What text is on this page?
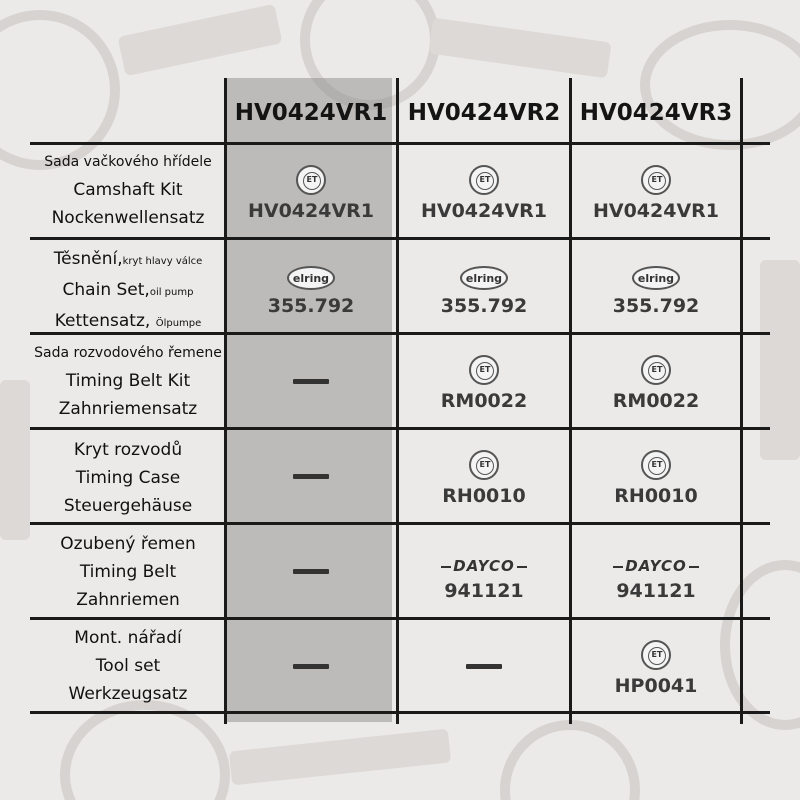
HV0424VR1 HV0424VR2 HV0424VR3
Sada vačkového hřídele
Camshaft Kit
Nockenwellensatz
Těsnění,kryt hlavy válce
Chain Set,oil pump
Kettensatz, Ölpumpe
Sada rozvodového řemene
Timing Belt Kit
Zahnriemensatz
Kryt rozvodů
Timing Case
Steuergehäuse
Ozubený řemen
Timing Belt
Zahnriemen
Mont. nářadí
Tool set
Werkzeugsatz
ET
HV0424VR1
ET
HV0424VR1
ET
HV0424VR1
elring
355.792
elring
355.792
elring
355.792
ET
RM0022
ET
RM0022
ET
RH0010
ET
RH0010
DAYCO
941121
DAYCO
941121
ET
HP0041
